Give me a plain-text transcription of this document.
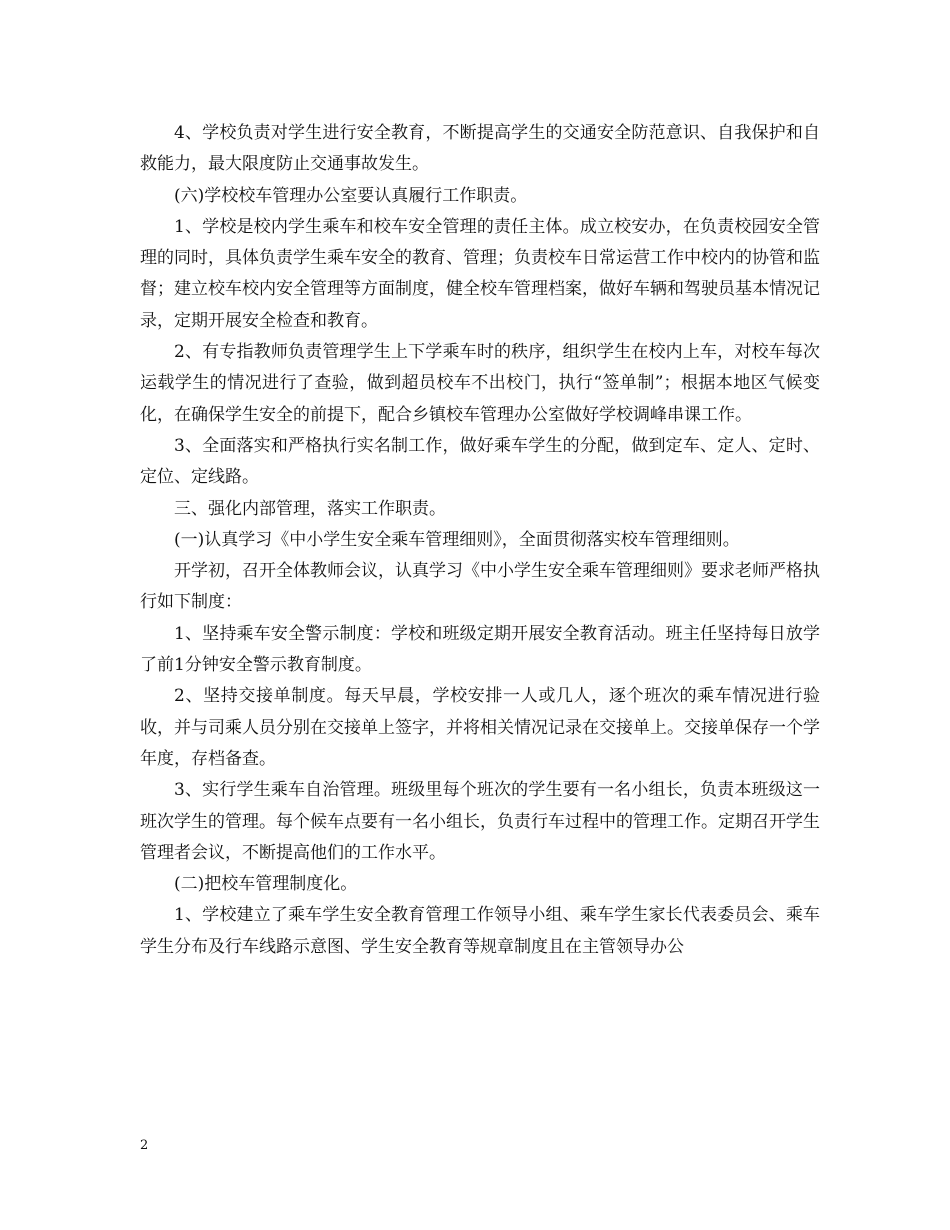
4、学校负责对学生进行安全教育，不断提高学生的交通安全防范意识、自我保护和自救能力，最大限度防止交通事故发生。

(六)学校校车管理办公室要认真履行工作职责。

1、学校是校内学生乘车和校车安全管理的责任主体。成立校安办，在负责校园安全管理的同时，具体负责学生乘车安全的教育、管理；负责校车日常运营工作中校内的协管和监督；建立校车校内安全管理等方面制度，健全校车管理档案，做好车辆和驾驶员基本情况记录，定期开展安全检查和教育。

2、有专指教师负责管理学生上下学乘车时的秩序，组织学生在校内上车，对校车每次运载学生的情况进行了查验，做到超员校车不出校门，执行“签单制”；根据本地区气候变化，在确保学生安全的前提下，配合乡镇校车管理办公室做好学校调峰串课工作。

3、全面落实和严格执行实名制工作，做好乘车学生的分配，做到定车、定人、定时、定位、定线路。

三、强化内部管理，落实工作职责。

(一)认真学习《中小学生安全乘车管理细则》，全面贯彻落实校车管理细则。

开学初，召开全体教师会议，认真学习《中小学生安全乘车管理细则》要求老师严格执行如下制度：

1、坚持乘车安全警示制度：学校和班级定期开展安全教育活动。班主任坚持每日放学了前1分钟安全警示教育制度。

2、坚持交接单制度。每天早晨，学校安排一人或几人，逐个班次的乘车情况进行验收，并与司乘人员分别在交接单上签字，并将相关情况记录在交接单上。交接单保存一个学年度，存档备查。

3、实行学生乘车自治管理。班级里每个班次的学生要有一名小组长，负责本班级这一班次学生的管理。每个候车点要有一名小组长，负责行车过程中的管理工作。定期召开学生管理者会议，不断提高他们的工作水平。

(二)把校车管理制度化。

1、学校建立了乘车学生安全教育管理工作领导小组、乘车学生家长代表委员会、乘车学生分布及行车线路示意图、学生安全教育等规章制度且在主管领导办公

2
